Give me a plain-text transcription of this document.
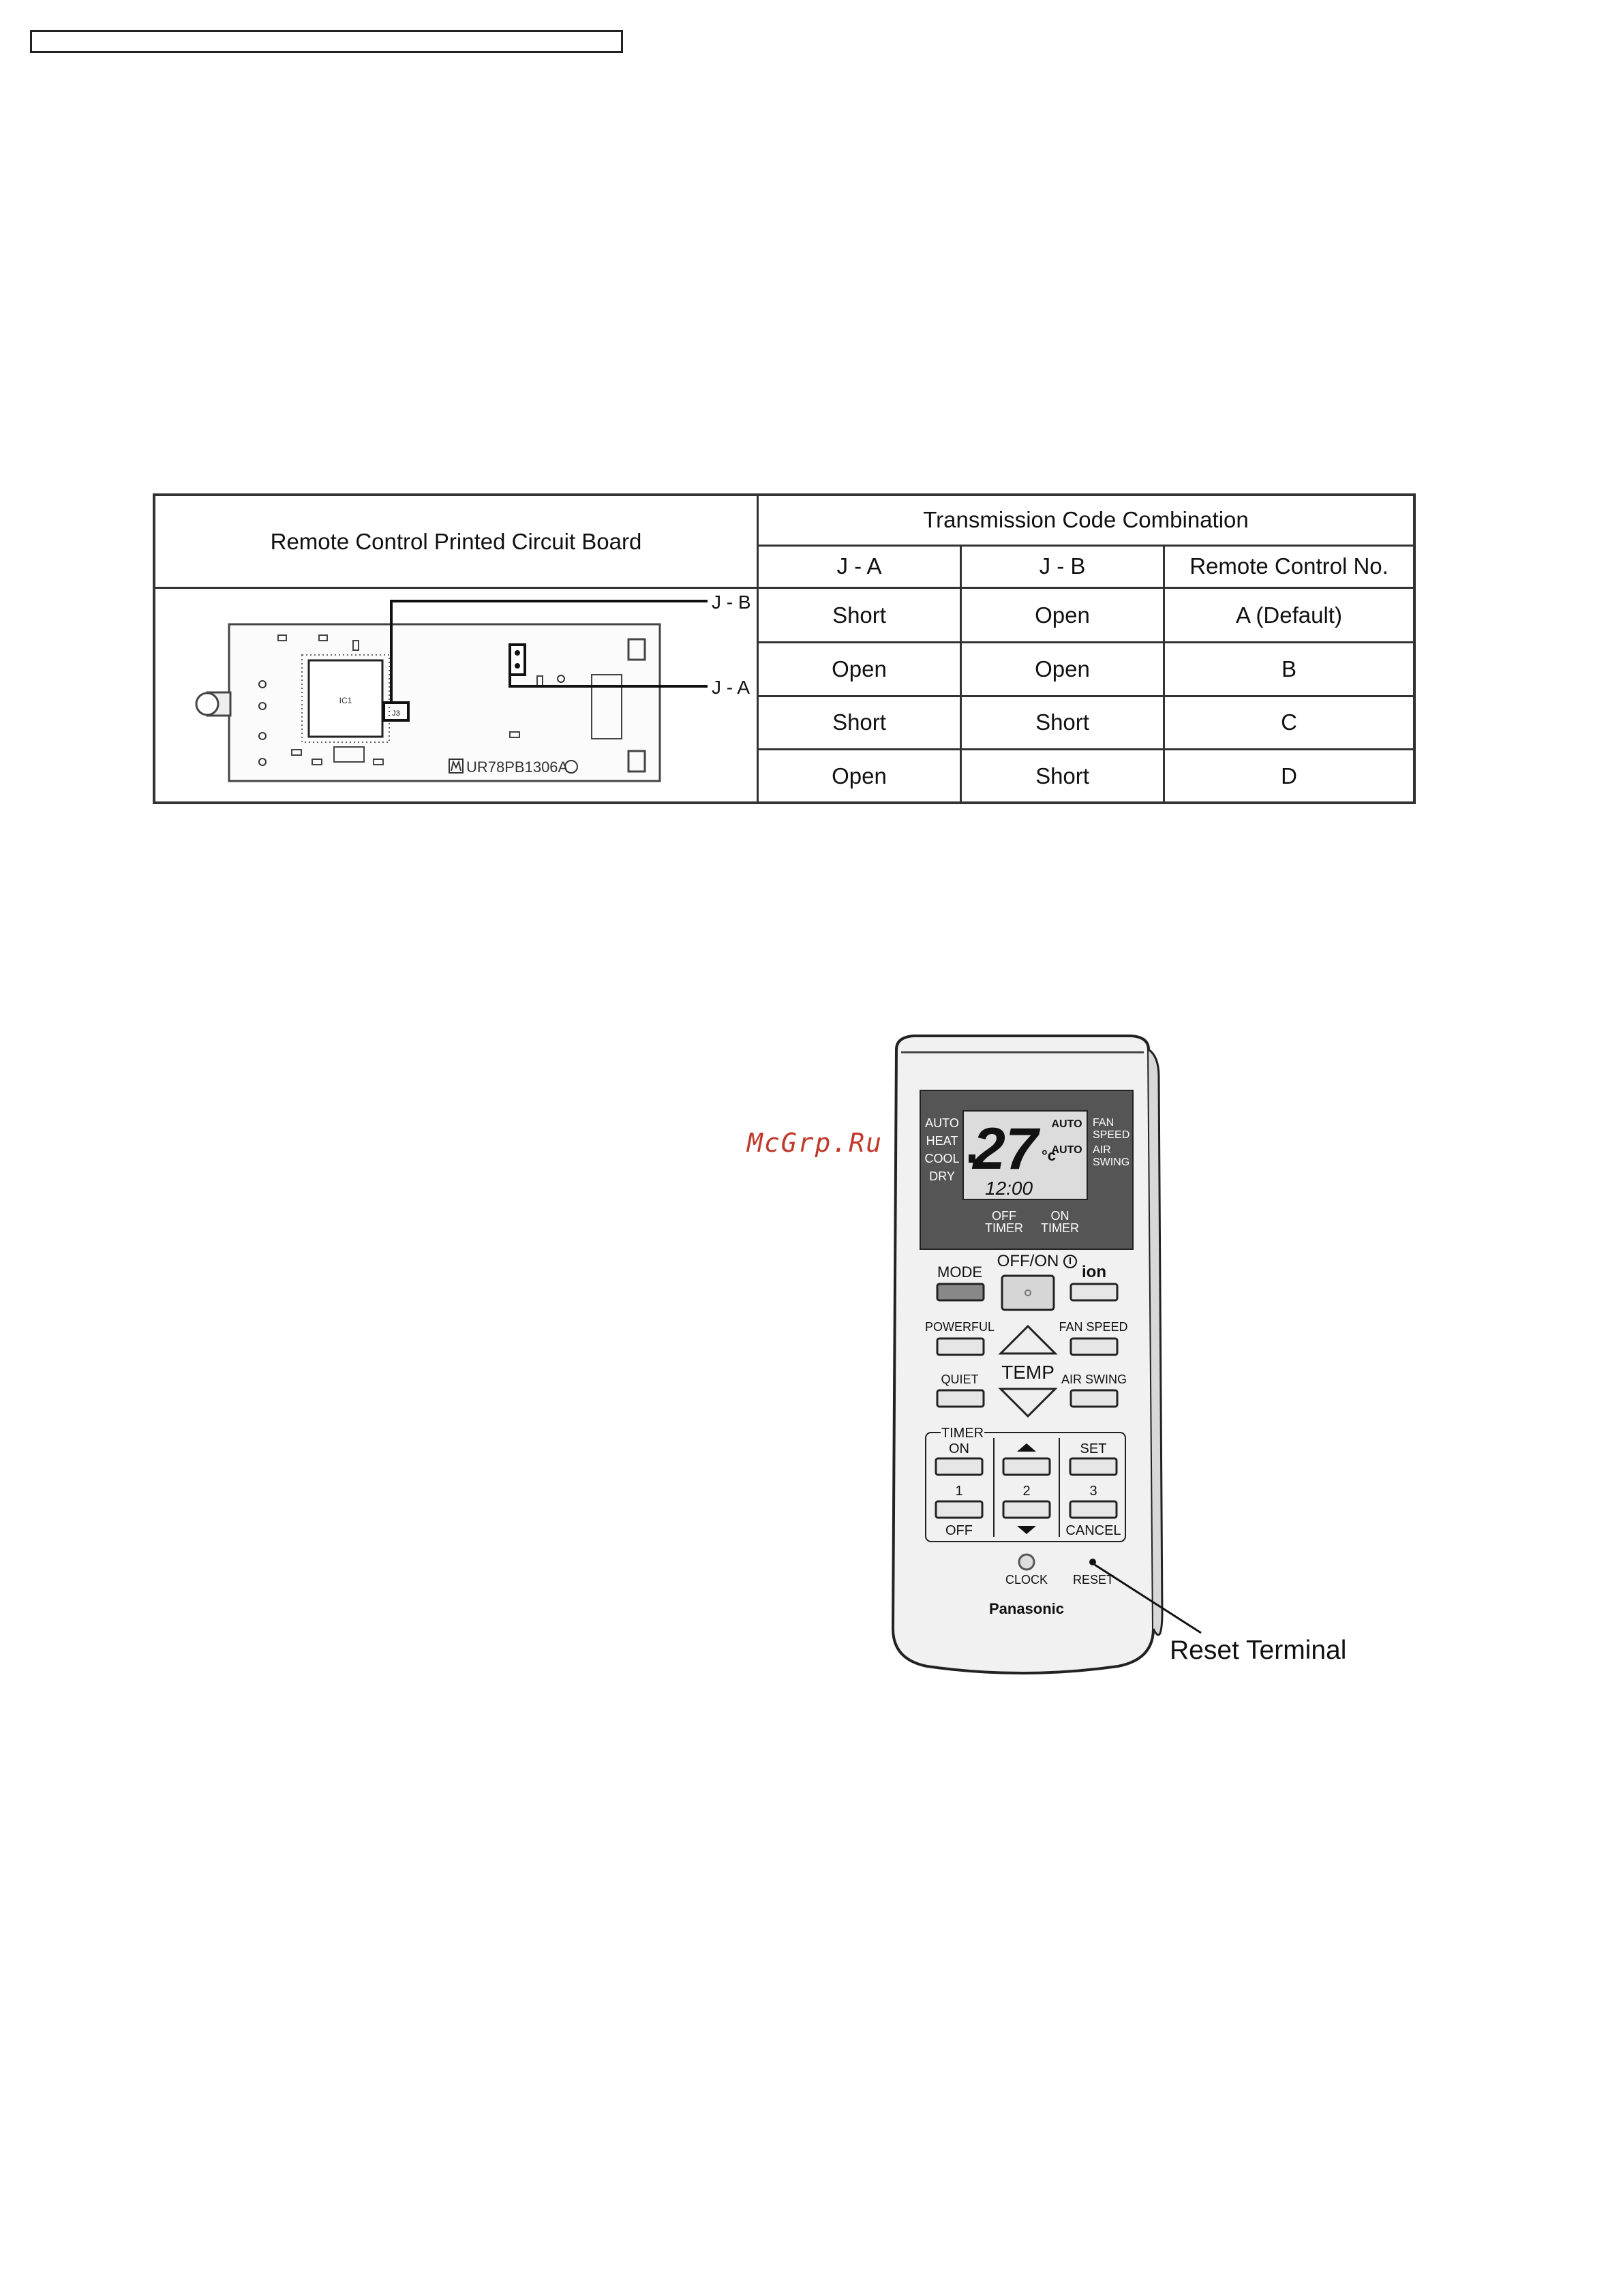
Remote Control Printed Circuit Board	Transmission Code Combination		
	J - A	J - B	Remote Control No.

IC1
J3
J - B
J - A
UR78PB1306A	Short	Open	A (Default)
	Open	Open	B
	Short	Short	C
	Open	Short	D
McGrp.Ru
AUTO
HEAT
COOL
DRY 27 °c
AUTO
AUTO
FAN
SPEED
AIR
SWING
12:00
OFF
TIMER
ON
TIMER
MODE
OFF/ON
ion
POWERFUL	FAN SPEED
TEMP
QUIET	AIR SWING
TIMER
ON	SET
1	2	3
OFF	CANCEL
CLOCK RESET
Panasonic
Reset Terminal
